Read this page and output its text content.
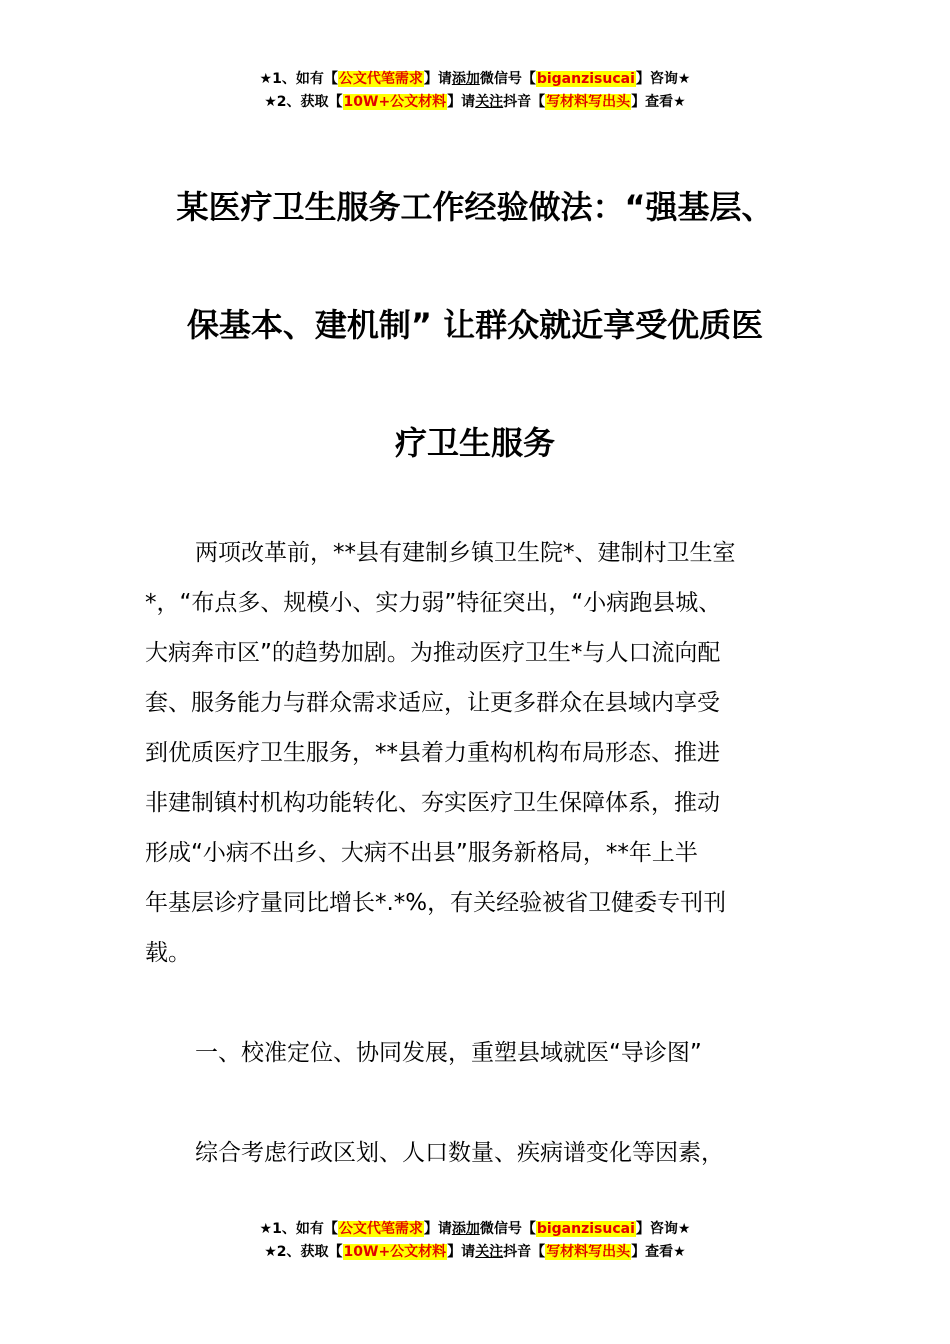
★1、如有【公文代笔需求】请添加微信号【biganzisucai】咨询★
★2、获取【10W+公文材料】请关注抖音【写材料写出头】查看★
某医疗卫生服务工作经验做法：“强基层、
保基本、建机制” 让群众就近享受优质医
疗卫生服务

两项改革前，**县有建制乡镇卫生院*、建制村卫生室
*，“布点多、规模小、实力弱”特征突出，“小病跑县城、
大病奔市区”的趋势加剧。为推动医疗卫生*与人口流向配
套、服务能力与群众需求适应，让更多群众在县域内享受
到优质医疗卫生服务，**县着力重构机构布局形态、推进
非建制镇村机构功能转化、夯实医疗卫生保障体系，推动
形成“小病不出乡、大病不出县”服务新格局，**年上半
年基层诊疗量同比增长*.*%，有关经验被省卫健委专刊刊
载。

一、校准定位、协同发展，重塑县域就医“导诊图”

综合考虑行政区划、人口数量、疾病谱变化等因素，

★1、如有【公文代笔需求】请添加微信号【biganzisucai】咨询★
★2、获取【10W+公文材料】请关注抖音【写材料写出头】查看★
